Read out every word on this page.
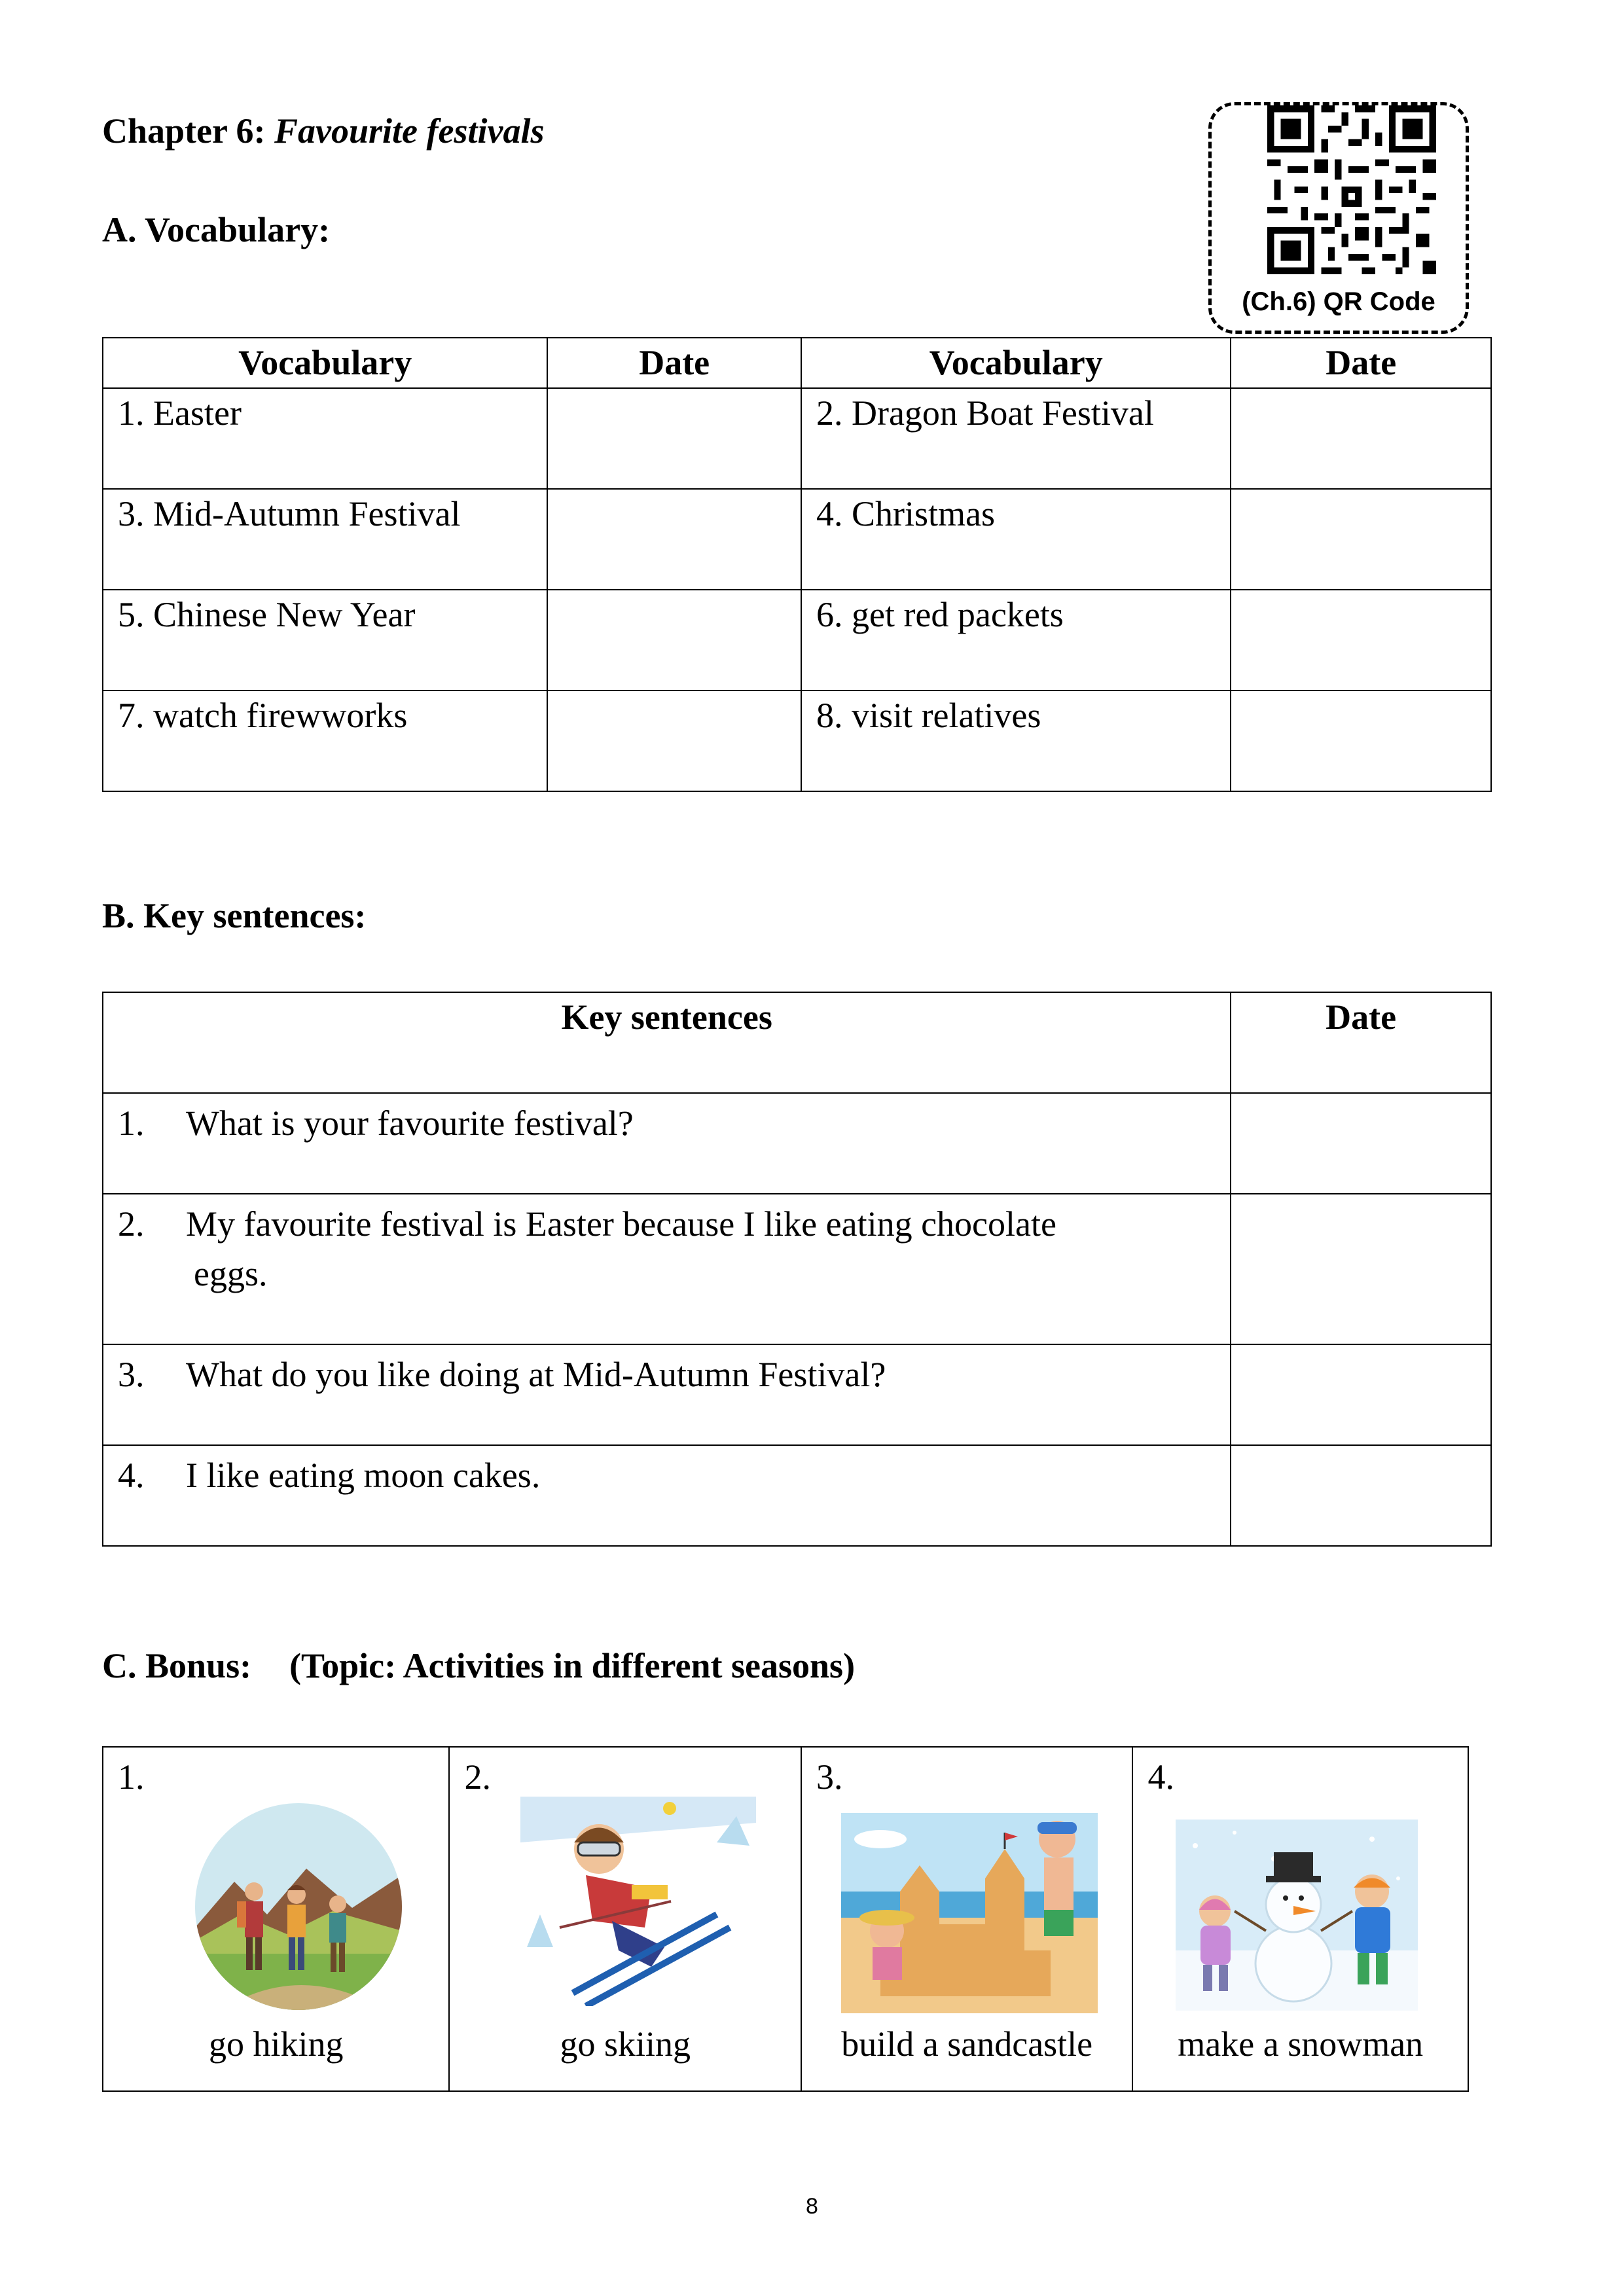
Chapter 6: Favourite festivals
(Ch.6) QR Code
A. Vocabulary:
Vocabulary	Date	Vocabulary	Date
1. Easter		2. Dragon Boat Festival	
3. Mid-Autumn Festival		4. Christmas	
5. Chinese New Year		6. get red packets	
7. watch firewworks		8. visit relatives	
B. Key sentences:
Key sentences	Date
1. What is your favourite festival?	
2. My favourite festival is Easter because I like eating chocolate
eggs.	

3. What do you like doing at Mid-Autumn Festival?	
4. I like eating moon cakes.	
C. Bonus: (Topic: Activities in different seasons)
1.
go hiking

2.
go skiing

3.
build a sandcastle

4.
make a snowman
8
